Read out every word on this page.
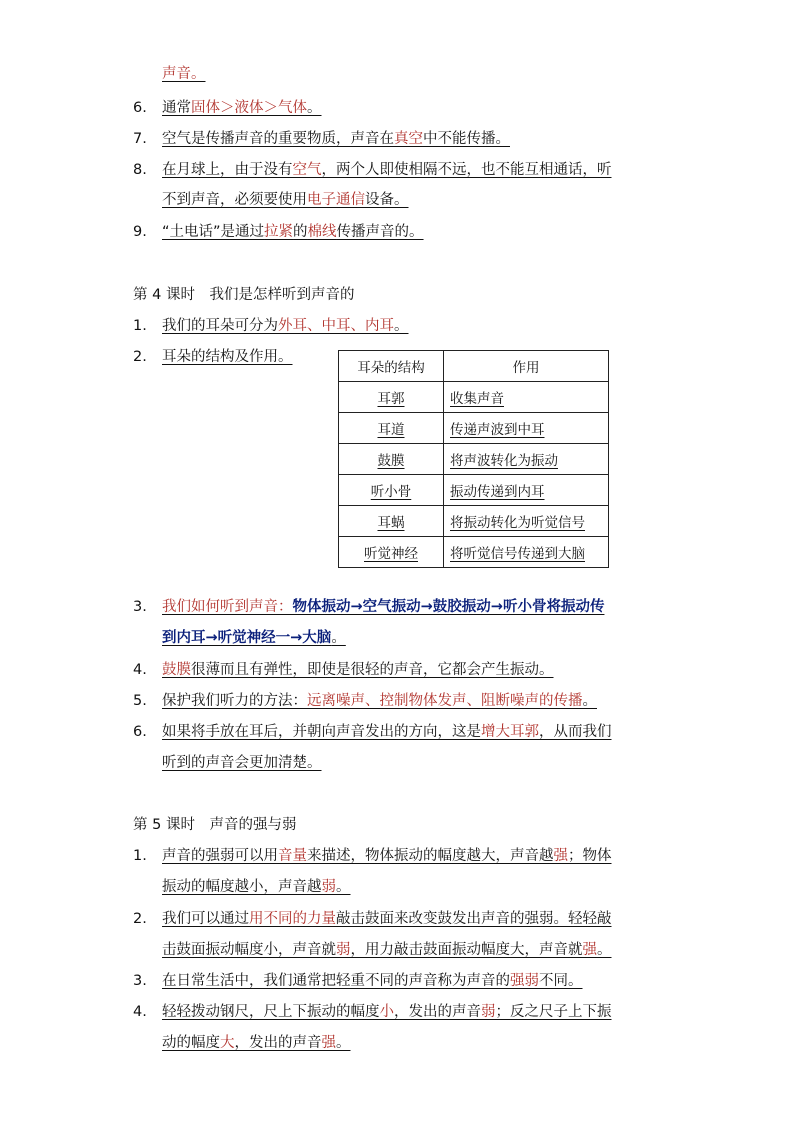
声音。
6. 通常固体＞液体＞气体。
7. 空气是传播声音的重要物质，声音在真空中不能传播。
8. 在月球上，由于没有空气，两个人即使相隔不远，也不能互相通话，听
不到声音，必须要使用电子通信设备。
9. “土电话”是通过拉紧的棉线传播声音的。
第 4 课时　我们是怎样听到声音的
1. 我们的耳朵可分为外耳、中耳、内耳。
2. 耳朵的结构及作用。
耳朵的结构	作用
耳郭	收集声音
耳道	传递声波到中耳
鼓膜	将声波转化为振动
听小骨	振动传递到内耳
耳蜗	将振动转化为听觉信号
听觉神经	将听觉信号传递到大脑
3. 我们如何听到声音：物体振动→空气振动→鼓胶振动→听小骨将振动传
到内耳→听觉神经一→大脑。
4. 鼓膜很薄而且有弹性，即使是很轻的声音，它都会产生振动。
5. 保护我们听力的方法：远离噪声、控制物体发声、阻断噪声的传播。
6. 如果将手放在耳后，并朝向声音发出的方向，这是增大耳郭，从而我们
听到的声音会更加清楚。
第 5 课时　声音的强与弱
1. 声音的强弱可以用音量来描述，物体振动的幅度越大，声音越强；物体
振动的幅度越小，声音越弱。
2. 我们可以通过用不同的力量敲击鼓面来改变鼓发出声音的强弱。轻轻敲
击鼓面振动幅度小，声音就弱，用力敲击鼓面振动幅度大，声音就强。
3. 在日常生活中，我们通常把轻重不同的声音称为声音的强弱不同。
4. 轻轻拨动钢尺，尺上下振动的幅度小，发出的声音弱；反之尺子上下振
动的幅度大，发出的声音强。
